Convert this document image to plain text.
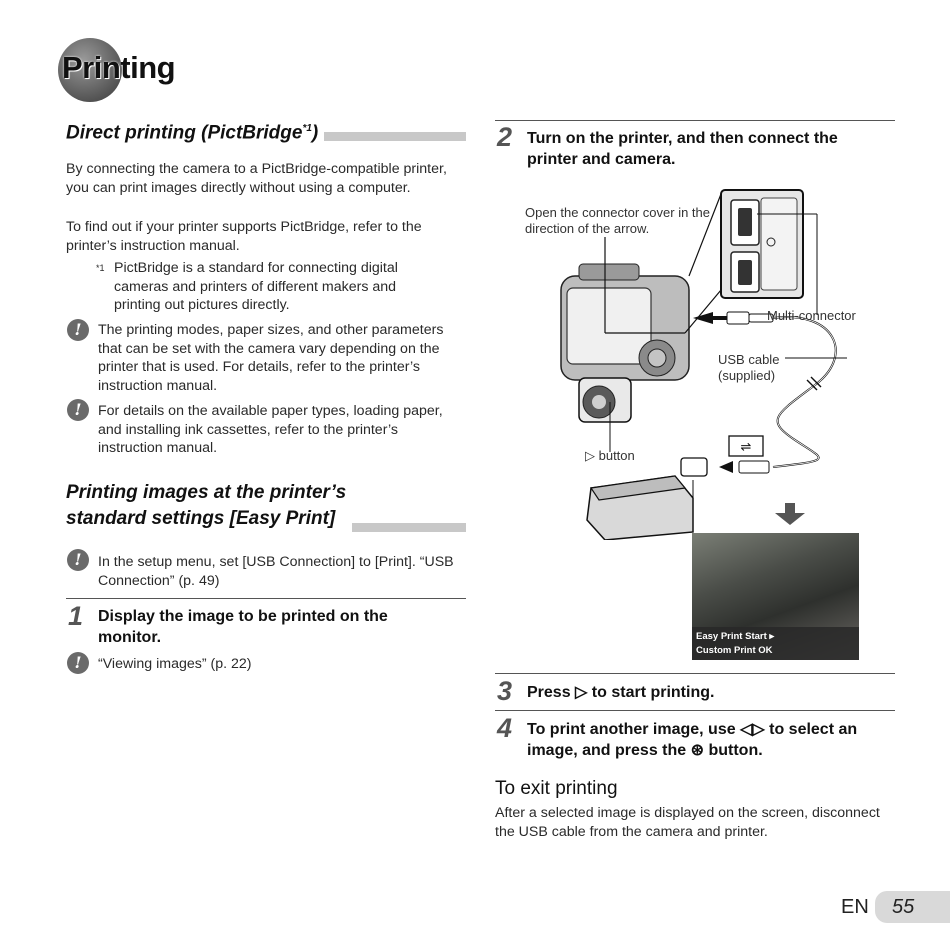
Printing
Direct printing (PictBridge$^{*1}$)
By connecting the camera to a PictBridge-compatible printer, you can print images directly without using a computer.
To find out if your printer supports PictBridge, refer to the printer’s instruction manual.
*1 PictBridge is a standard for connecting digital cameras and printers of different makers and printing out pictures directly.
!	The printing modes, paper sizes, and other parameters that can be set with the camera vary depending on the printer that is used. For details, refer to the printer’s instruction manual.
!	For details on the available paper types, loading paper, and installing ink cassettes, refer to the printer’s instruction manual.
Printing images at the printer’s
standard settings [Easy Print]
!	In the setup menu, set [USB Connection] to [Print]. “USB Connection” (p. 49)
1 Display the image to be printed on the monitor.
!	“Viewing images” (p. 22)
2 Turn on the printer, and then connect the printer and camera.
⇌
Open the connector cover in the direction of the arrow.
Multi-connector
USB cable (supplied)
▷ button
Easy Print Start ▸
Custom Print OK
3 Press ▷ to start printing.
4 To print another image, use ◁▷ to select an image, and press the ⊛ button.
To exit printing
After a selected image is displayed on the screen, disconnect the USB cable from the camera and printer.
EN 55
